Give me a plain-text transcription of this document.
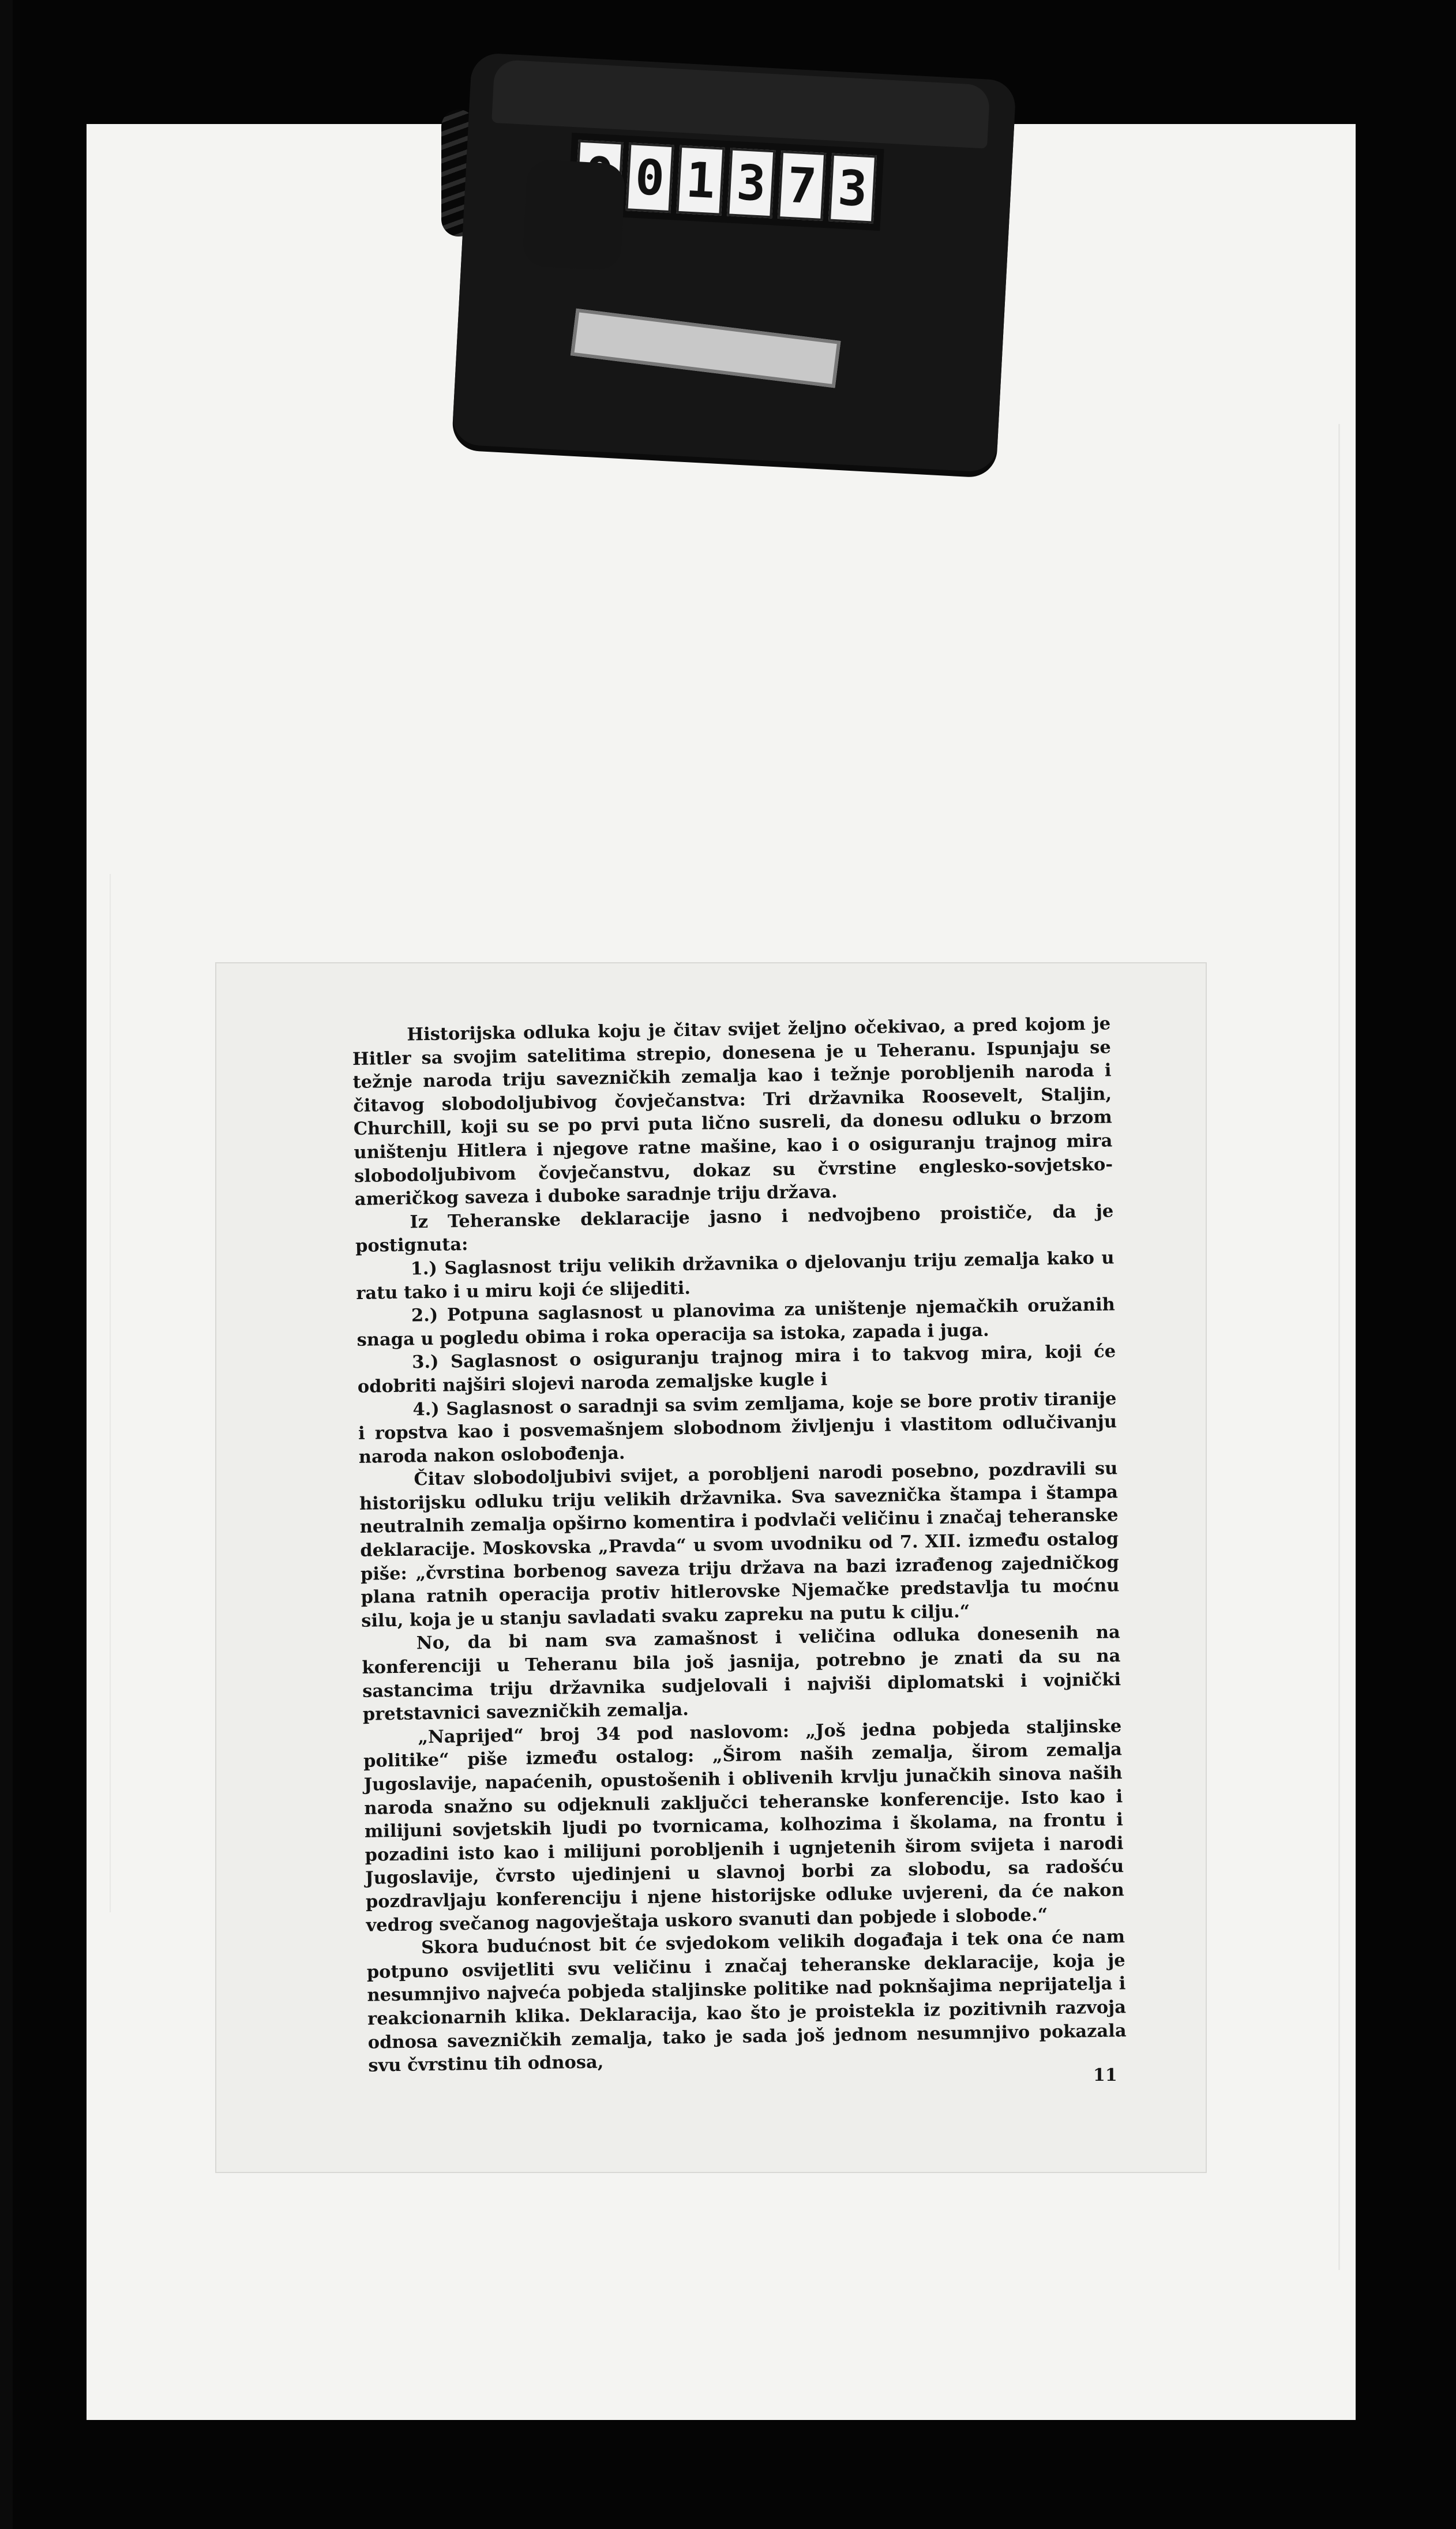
0 1 3 7 3

Historijska odluka koju je čitav svijet željno očekivao, a pred kojom je Hitler sa svojim satelitima strepio, donesena je u Teheranu. Ispunjaju se težnje naroda triju savezničkih zemalja kao i težnje porobljenih naroda i čitavog slobodoljubivog čovječanstva: Tri državnika Roosevelt, Staljin, Churchill, koji su se po prvi puta lično susreli, da donesu odluku o brzom uništenju Hitlera i njegove ratne mašine, kao i o osiguranju trajnog mira slobodoljubivom čovječanstvu, dokaz su čvrstine englesko-sovjetsko-američkog saveza i duboke saradnje triju država.

Iz Teheranske deklaracije jasno i nedvojbeno proističe, da je postignuta:

1.) Saglasnost triju velikih državnika o djelovanju triju zemalja kako u ratu tako i u miru koji će slijediti.

2.) Potpuna saglasnost u planovima za uništenje njemačkih oružanih snaga u pogledu obima i roka operacija sa istoka, zapada i juga.

3.) Saglasnost o osiguranju trajnog mira i to takvog mira, koji će odobriti najširi slojevi naroda zemaljske kugle i

4.) Saglasnost o saradnji sa svim zemljama, koje se bore protiv tiranije i ropstva kao i posvemašnjem slobodnom življenju i vlastitom odlučivanju naroda nakon oslobođenja.

Čitav slobodoljubivi svijet, a porobljeni narodi posebno, pozdravili su historijsku odluku triju velikih državnika. Sva saveznička štampa i štampa neutralnih zemalja opširno komentira i podvlači veličinu i značaj teheranske deklaracije. Moskovska „Pravda“ u svom uvodniku od 7. XII. između ostalog piše: „čvrstina borbenog saveza triju država na bazi izrađenog zajedničkog plana ratnih operacija protiv hitlerovske Njemačke predstavlja tu moćnu silu, koja je u stanju savladati svaku zapreku na putu k cilju.“

No, da bi nam sva zamašnost i veličina odluka donesenih na konferenciji u Teheranu bila još jasnija, potrebno je znati da su na sastancima triju državnika sudjelovali i najviši diplomatski i vojnički pretstavnici savezničkih zemalja.

„Naprijed“ broj 34 pod naslovom: „Još jedna pobjeda staljinske politike“ piše između ostalog: „Širom naših zemalja, širom zemalja Jugoslavije, napaćenih, opustošenih i oblivenih krvlju junačkih sinova naših naroda snažno su odjeknuli zaključci teheranske konferencije. Isto kao i milijuni sovjetskih ljudi po tvornicama, kolhozima i školama, na frontu i pozadini isto kao i milijuni porobljenih i ugnjetenih širom svijeta i narodi Jugoslavije, čvrsto ujedinjeni u slavnoj borbi za slobodu, sa radošću pozdravljaju konferenciju i njene historijske odluke uvjereni, da će nakon vedrog svečanog nagovještaja uskoro svanuti dan pobjede i slobode.“

Skora budućnost bit će svjedokom velikih događaja i tek ona će nam potpuno osvijetliti svu veličinu i značaj teheranske deklaracije, koja je nesumnjivo najveća pobjeda staljinske politike nad poknšajima neprijatelja i reakcionarnih klika. Deklaracija, kao što je proistekla iz pozitivnih razvoja odnosa savezničkih zemalja, tako je sada još jednom nesumnjivo pokazala svu čvrstinu tih odnosa,	11
